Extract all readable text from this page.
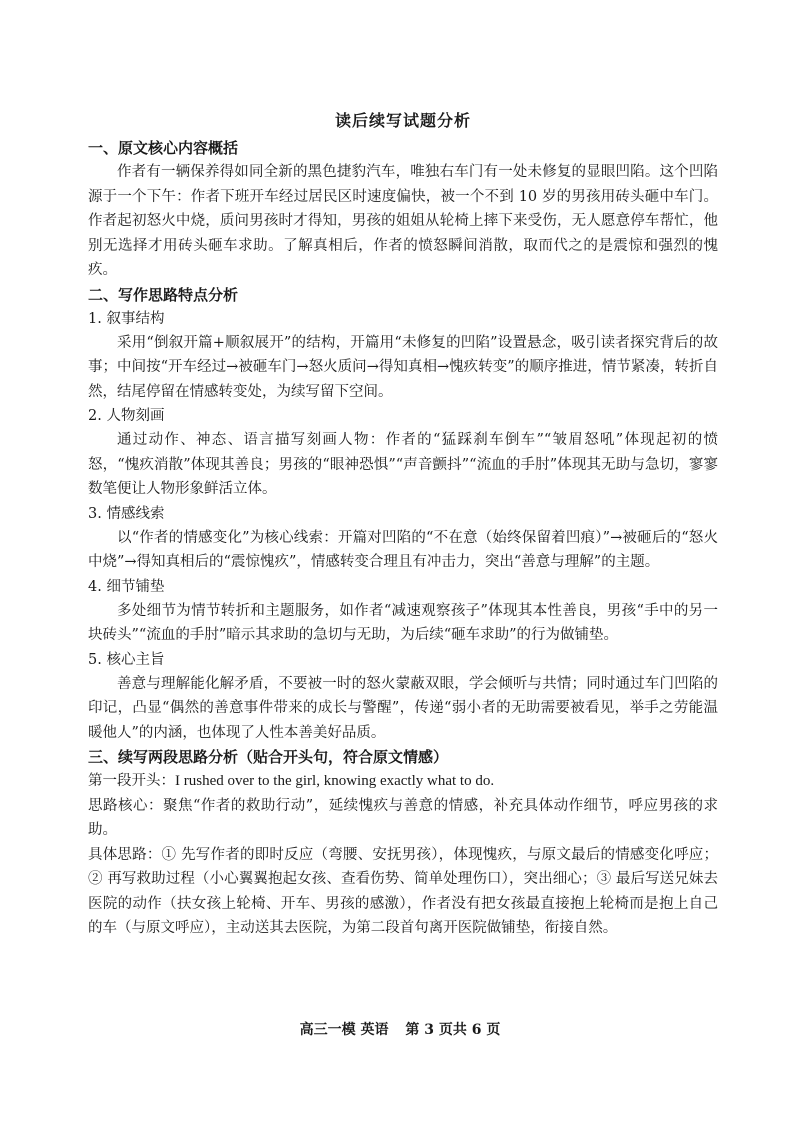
读后续写试题分析
一、原文核心内容概括

作者有一辆保养得如同全新的黑色捷豹汽车，唯独右车门有一处未修复的显眼凹陷。这个凹陷源于一个下午：作者下班开车经过居民区时速度偏快，被一个不到 10 岁的男孩用砖头砸中车门。作者起初怒火中烧，质问男孩时才得知，男孩的姐姐从轮椅上摔下来受伤，无人愿意停车帮忙，他别无选择才用砖头砸车求助。了解真相后，作者的愤怒瞬间消散，取而代之的是震惊和强烈的愧疚。

二、写作思路特点分析
1. 叙事结构

采用“倒叙开篇+顺叙展开”的结构，开篇用“未修复的凹陷”设置悬念，吸引读者探究背后的故事；中间按“开车经过→被砸车门→怒火质问→得知真相→愧疚转变”的顺序推进，情节紧凑，转折自然，结尾停留在情感转变处，为续写留下空间。

2. 人物刻画

通过动作、神态、语言描写刻画人物：作者的“猛踩刹车倒车”“皱眉怒吼”体现起初的愤怒，“愧疚消散”体现其善良；男孩的“眼神恐惧”“声音颤抖”“流血的手肘”体现其无助与急切，寥寥数笔便让人物形象鲜活立体。

3. 情感线索

以“作者的情感变化”为核心线索：开篇对凹陷的“不在意（始终保留着凹痕）”→被砸后的“怒火中烧”→得知真相后的“震惊愧疚”，情感转变合理且有冲击力，突出“善意与理解”的主题。

4. 细节铺垫

多处细节为情节转折和主题服务，如作者“减速观察孩子”体现其本性善良，男孩“手中的另一块砖头”“流血的手肘”暗示其求助的急切与无助，为后续“砸车求助”的行为做铺垫。

5. 核心主旨

善意与理解能化解矛盾，不要被一时的怒火蒙蔽双眼，学会倾听与共情；同时通过车门凹陷的印记，凸显“偶然的善意事件带来的成长与警醒”，传递“弱小者的无助需要被看见，举手之劳能温暖他人”的内涵，也体现了人性本善美好品质。

三、续写两段思路分析（贴合开头句，符合原文情感）

第一段开头：I rushed over to the girl, knowing exactly what to do.

思路核心：聚焦“作者的救助行动”，延续愧疚与善意的情感，补充具体动作细节，呼应男孩的求助。

具体思路：① 先写作者的即时反应（弯腰、安抚男孩），体现愧疚，与原文最后的情感变化呼应；② 再写救助过程（小心翼翼抱起女孩、查看伤势、简单处理伤口），突出细心；③ 最后写送兄妹去医院的动作（扶女孩上轮椅、开车、男孩的感激），作者没有把女孩最直接抱上轮椅而是抱上自己的车（与原文呼应），主动送其去医院，为第二段首句离开医院做铺垫，衔接自然。

高三一模 英语 第 3 页共 6 页
